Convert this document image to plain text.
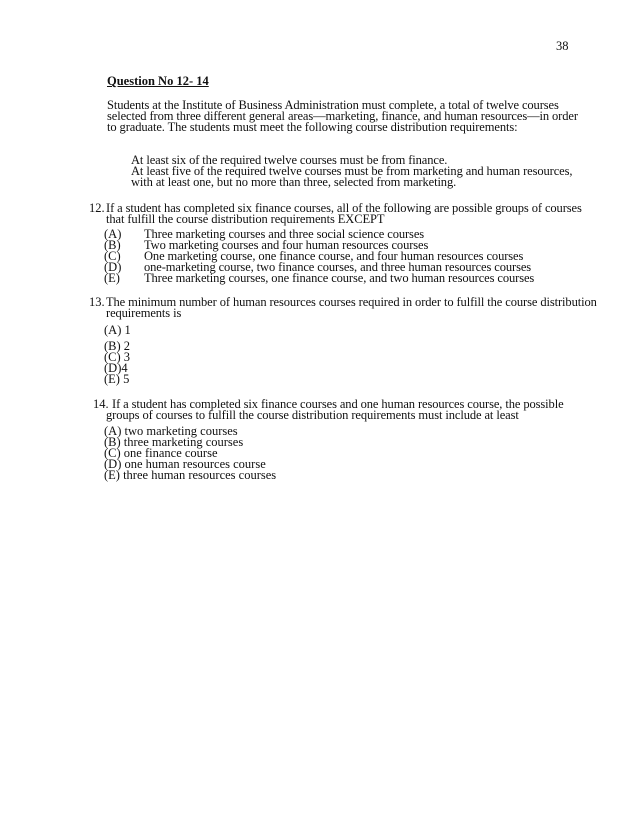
38
Question No 12- 14
Students at the Institute of Business Administration must complete, a total of twelve courses
selected from three different general areas—marketing, finance, and human resources—in order
to graduate. The students must meet the following course distribution requirements:
At least six of the required twelve courses must be from finance.
At least five of the required twelve courses must be from marketing and human resources,
with at least one, but no more than three, selected from marketing.
12. If a student has completed six finance courses, all of the following are possible groups of courses
that fulfill the course distribution requirements EXCEPT
(A) Three marketing courses and three social science courses
(B) Two marketing courses and four human resources courses
(C) One marketing course, one finance course, and four human resources courses
(D) one-marketing course, two finance courses, and three human resources courses
(E) Three marketing courses, one finance course, and two human resources courses
13. The minimum number of human resources courses required in order to fulfill the course distribution
requirements is
(A) 1
(B) 2
(C) 3
(D)4
(E) 5
14. If a student has completed six finance courses and one human resources course, the possible
groups of courses to fulfill the course distribution requirements must include at least
(A) two marketing courses
(B) three marketing courses
(C) one finance course
(D) one human resources course
(E) three human resources courses
